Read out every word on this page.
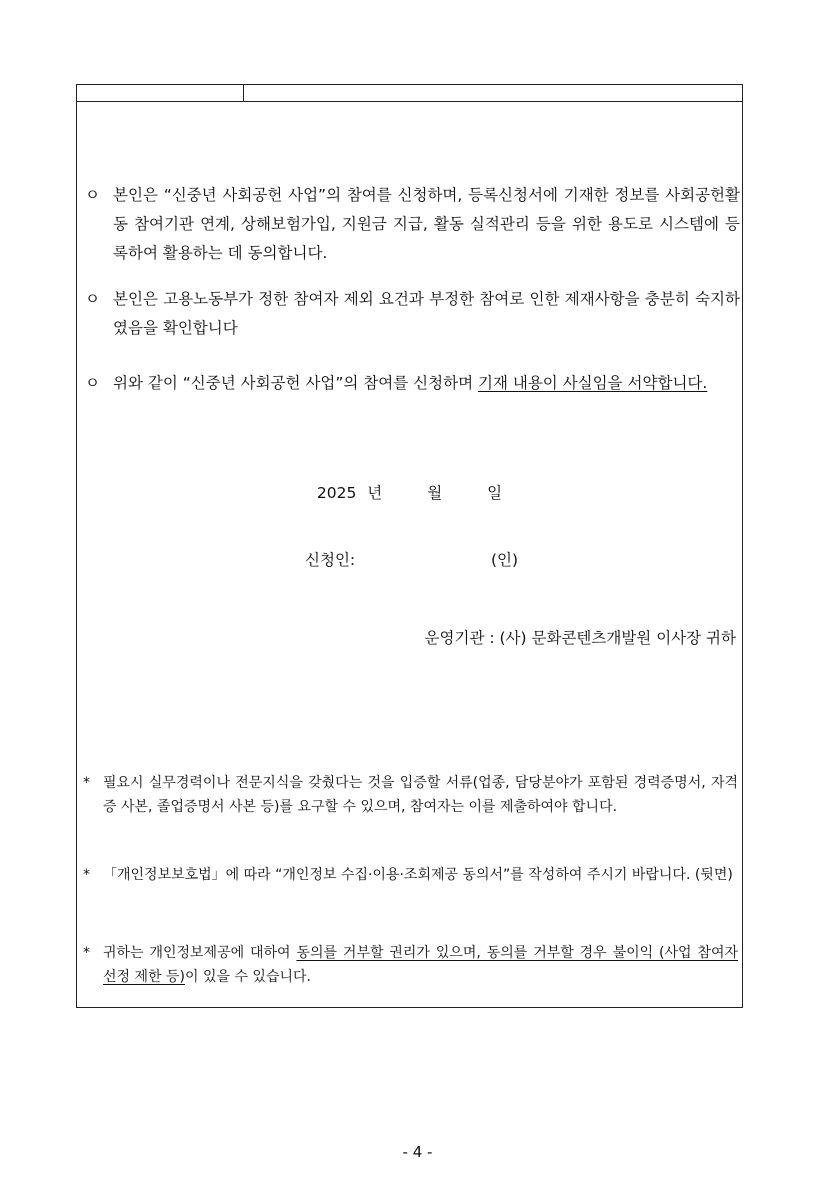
ㅇ 본인은 “신중년 사회공헌 사업”의 참여를 신청하며, 등록신청서에 기재한 정보를 사회공헌활동 참여기관 연계, 상해보험가입, 지원금 지급, 활동 실적관리 등을 위한 용도로 시스템에 등록하여 활용하는 데 동의합니다.
ㅇ 본인은 고용노동부가 정한 참여자 제외 요건과 부정한 참여로 인한 제재사항을 충분히 숙지하였음을 확인합니다
ㅇ 위와 같이 “신중년 사회공헌 사업”의 참여를 신청하며 기재 내용이 사실임을 서약합니다.
2025 년	월	일
신청인:	(인)
운영기관 : (사) 문화콘텐츠개발원 이사장 귀하
* 필요시 실무경력이나 전문지식을 갖췄다는 것을 입증할 서류(업종, 담당분야가 포함된 경력증명서, 자격증 사본, 졸업증명서 사본 등)를 요구할 수 있으며, 참여자는 이를 제출하여야 합니다.
* 「개인정보보호법」에 따라 “개인정보 수집·이용·조회제공 동의서”를 작성하여 주시기 바랍니다. (뒷면)
* 귀하는 개인정보제공에 대하여 동의를 거부할 권리가 있으며, 동의를 거부할 경우 불이익 (사업 참여자 선정 제한 등)이 있을 수 있습니다.
- 4 -
